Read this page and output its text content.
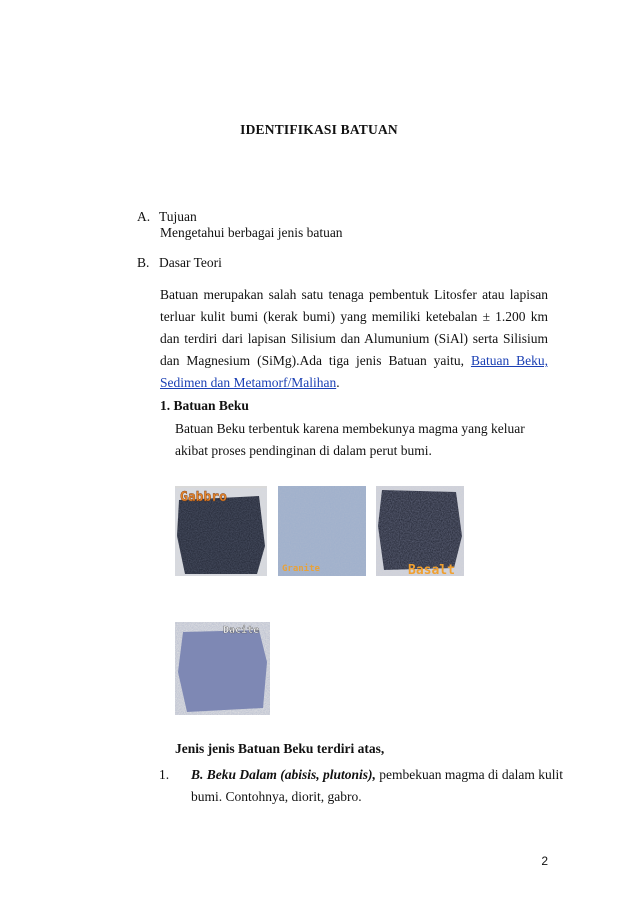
IDENTIFIKASI BATUAN
A. Tujuan
Mengetahui berbagai jenis batuan
B. Dasar Teori
Batuan merupakan salah satu tenaga pembentuk Litosfer atau lapisan terluar kulit bumi (kerak bumi) yang memiliki ketebalan ± 1.200 km dan terdiri dari lapisan Silisium dan Alumunium (SiAl) serta Silisium dan Magnesium (SiMg).Ada tiga jenis Batuan yaitu, Batuan Beku, Sedimen dan Metamorf/Malihan.
1. Batuan Beku
Batuan Beku terbentuk karena membekunya magma yang keluar akibat proses pendinginan di dalam perut bumi.
Gabbro
Granite	Basalt
Dacite
Jenis jenis Batuan Beku terdiri atas,
1. B. Beku Dalam (abisis, plutonis), pembekuan magma di dalam kulit bumi. Contohnya, diorit, gabro.
2
